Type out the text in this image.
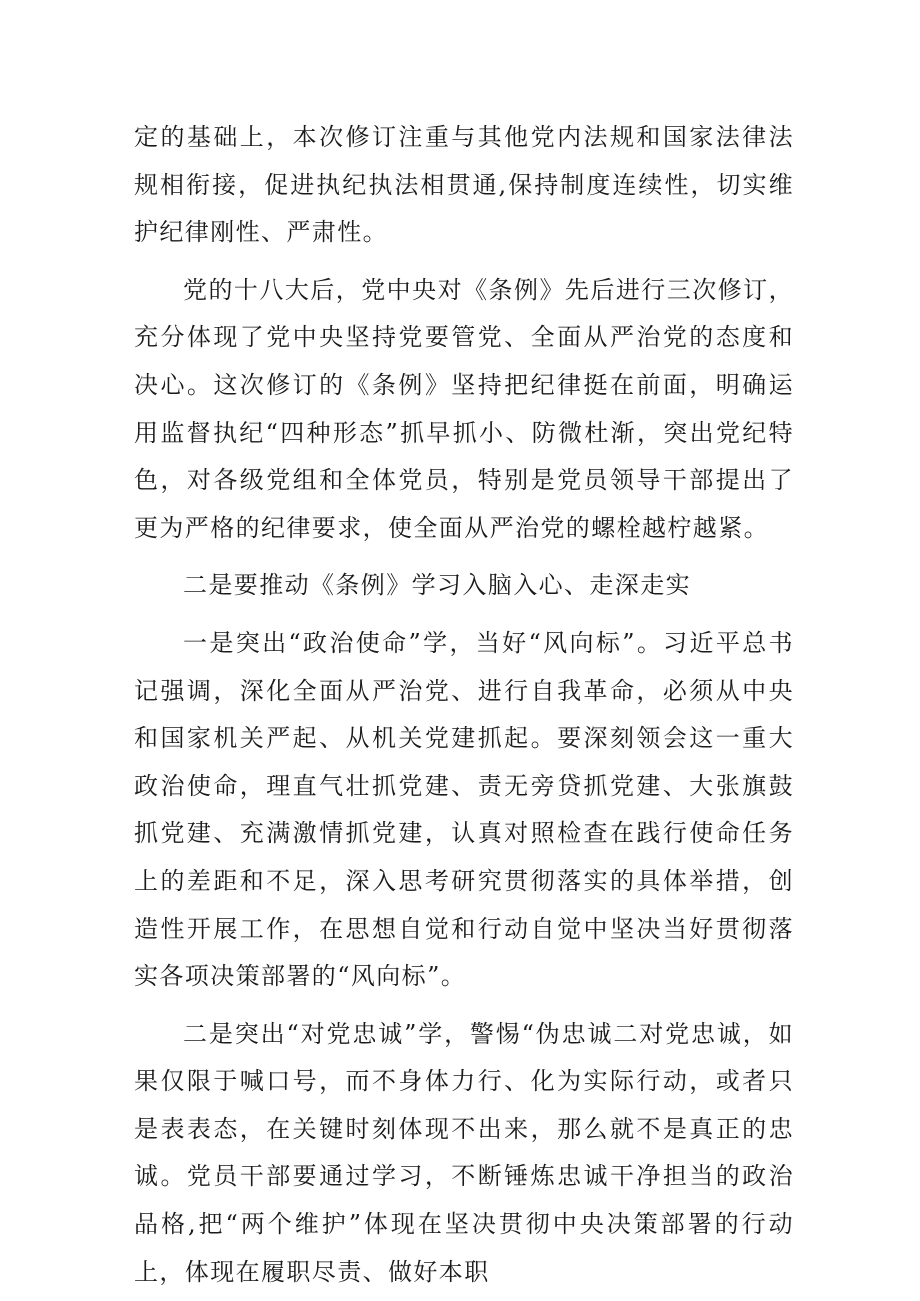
定的基础上，本次修订注重与其他党内法规和国家法律法规相衔接，促进执纪执法相贯通,保持制度连续性，切实维护纪律刚性、严肃性。

党的十八大后，党中央对《条例》先后进行三次修订，充分体现了党中央坚持党要管党、全面从严治党的态度和决心。这次修订的《条例》坚持把纪律挺在前面，明确运用监督执纪“四种形态”抓早抓小、防微杜渐，突出党纪特色，对各级党组和全体党员，特别是党员领导干部提出了更为严格的纪律要求，使全面从严治党的螺栓越柠越紧。

二是要推动《条例》学习入脑入心、走深走实

一是突出“政治使命”学，当好“风向标”。习近平总书记强调，深化全面从严治党、进行自我革命，必须从中央和国家机关严起、从机关党建抓起。要深刻领会这一重大政治使命，理直气壮抓党建、责无旁贷抓党建、大张旗鼓抓党建、充满激情抓党建，认真对照检查在践行使命任务上的差距和不足，深入思考研究贯彻落实的具体举措，创造性开展工作，在思想自觉和行动自觉中坚决当好贯彻落实各项决策部署的“风向标”。

二是突出“对党忠诚”学，警惕“伪忠诚二对党忠诚，如果仅限于喊口号，而不身体力行、化为实际行动，或者只是表表态，在关键时刻体现不出来，那么就不是真正的忠诚。党员干部要通过学习，不断锤炼忠诚干净担当的政治品格,把“两个维护”体现在坚决贯彻中央决策部署的行动上，体现在履职尽责、做好本职
